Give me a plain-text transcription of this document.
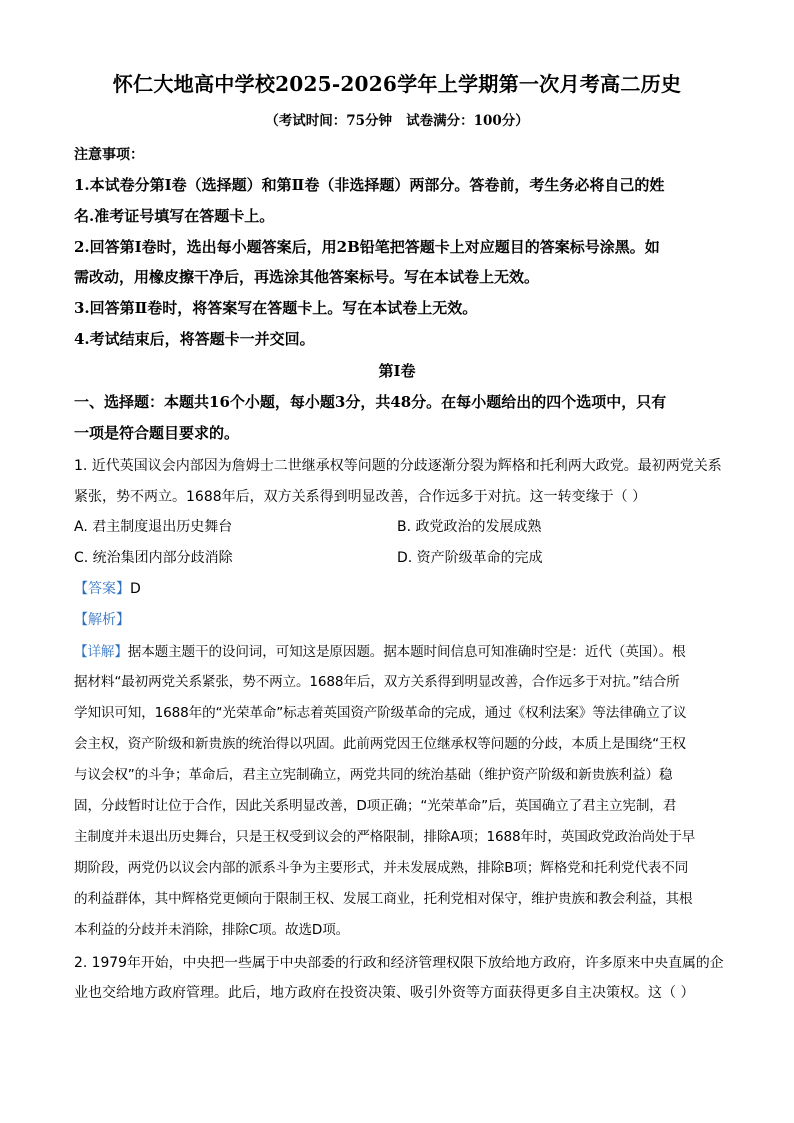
怀仁大地高中学校2025-2026学年上学期第一次月考高二历史
（考试时间：75分钟   试卷满分：100分）
注意事项：
1.本试卷分第Ⅰ卷（选择题）和第Ⅱ卷（非选择题）两部分。答卷前，考生务必将自己的姓
名.准考证号填写在答题卡上。
2.回答第Ⅰ卷时，选出每小题答案后，用2B铅笔把答题卡上对应题目的答案标号涂黑。如
需改动，用橡皮擦干净后，再选涂其他答案标号。写在本试卷上无效。
3.回答第Ⅱ卷时，将答案写在答题卡上。写在本试卷上无效。
4.考试结束后，将答题卡一并交回。
第Ⅰ卷
一、选择题：本题共16个小题，每小题3分，共48分。在每小题给出的四个选项中，只有
一项是符合题目要求的。
1. 近代英国议会内部因为詹姆士二世继承权等问题的分歧逐渐分裂为辉格和托利两大政党。最初两党关系
紧张，势不两立。1688年后，双方关系得到明显改善，合作远多于对抗。这一转变缘于（ ）
A. 君主制度退出历史舞台	B. 政党政治的发展成熟
C. 统治集团内部分歧消除	D. 资产阶级革命的完成
【答案】D
【解析】
【详解】据本题主题干的设问词，可知这是原因题。据本题时间信息可知准确时空是：近代（英国）。根
据材料“最初两党关系紧张，势不两立。1688年后，双方关系得到明显改善，合作远多于对抗。”结合所
学知识可知，1688年的“光荣革命”标志着英国资产阶级革命的完成，通过《权利法案》等法律确立了议
会主权，资产阶级和新贵族的统治得以巩固。此前两党因王位继承权等问题的分歧，本质上是围绕“王权
与议会权”的斗争；革命后，君主立宪制确立，两党共同的统治基础（维护资产阶级和新贵族利益）稳
固，分歧暂时让位于合作，因此关系明显改善，D项正确；“光荣革命”后，英国确立了君主立宪制，君
主制度并未退出历史舞台，只是王权受到议会的严格限制，排除A项；1688年时，英国政党政治尚处于早
期阶段，两党仍以议会内部的派系斗争为主要形式，并未发展成熟，排除B项；辉格党和托利党代表不同
的利益群体，其中辉格党更倾向于限制王权、发展工商业，托利党相对保守，维护贵族和教会利益，其根
本利益的分歧并未消除，排除C项。故选D项。
2. 1979年开始，中央把一些属于中央部委的行政和经济管理权限下放给地方政府，许多原来中央直属的企
业也交给地方政府管理。此后，地方政府在投资决策、吸引外资等方面获得更多自主决策权。这（ ）
